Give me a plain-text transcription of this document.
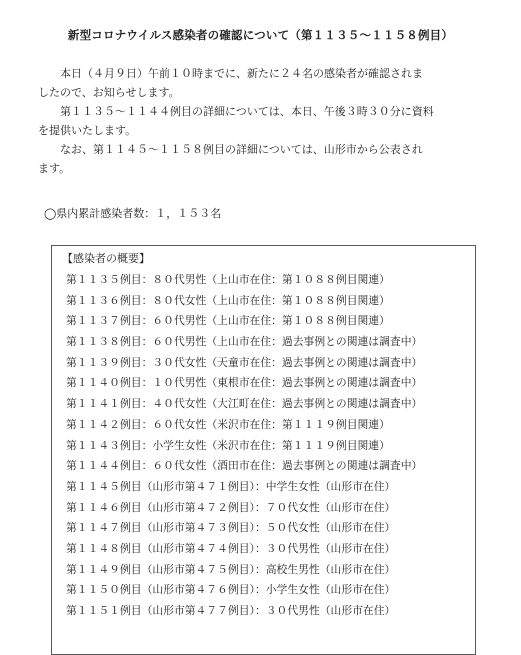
新型コロナウイルス感染者の確認について（第１１３５～１１５８例目）

本日（４月９日）午前１０時までに、新たに２４名の感染者が確認されま
したので、お知らせします。

第１１３５～１１４４例目の詳細については、本日、午後３時３０分に資料
を提供いたします。

なお、第１１４５～１１５８例目の詳細については、山形市から公表され
ます。

◯県内累計感染者数：１，１５３名
【感染者の概要】
第１１３５例目：８０代男性（上山市在住：第１０８８例目関連）
第１１３６例目：８０代女性（上山市在住：第１０８８例目関連）
第１１３７例目：６０代男性（上山市在住：第１０８８例目関連）
第１１３８例目：６０代男性（上山市在住：過去事例との関連は調査中）
第１１３９例目：３０代女性（天童市在住：過去事例との関連は調査中）
第１１４０例目：１０代男性（東根市在住：過去事例との関連は調査中）
第１１４１例目：４０代女性（大江町在住：過去事例との関連は調査中）
第１１４２例目：６０代女性（米沢市在住：第１１１９例目関連）
第１１４３例目：小学生女性（米沢市在住：第１１１９例目関連）
第１１４４例目：６０代女性（酒田市在住：過去事例との関連は調査中）
第１１４５例目（山形市第４７１例目）：中学生女性（山形市在住）
第１１４６例目（山形市第４７２例目）：７０代女性（山形市在住）
第１１４７例目（山形市第４７３例目）：５０代女性（山形市在住）
第１１４８例目（山形市第４７４例目）：３０代男性（山形市在住）
第１１４９例目（山形市第４７５例目）：高校生男性（山形市在住）
第１１５０例目（山形市第４７６例目）：小学生女性（山形市在住）
第１１５１例目（山形市第４７７例目）：３０代男性（山形市在住）
